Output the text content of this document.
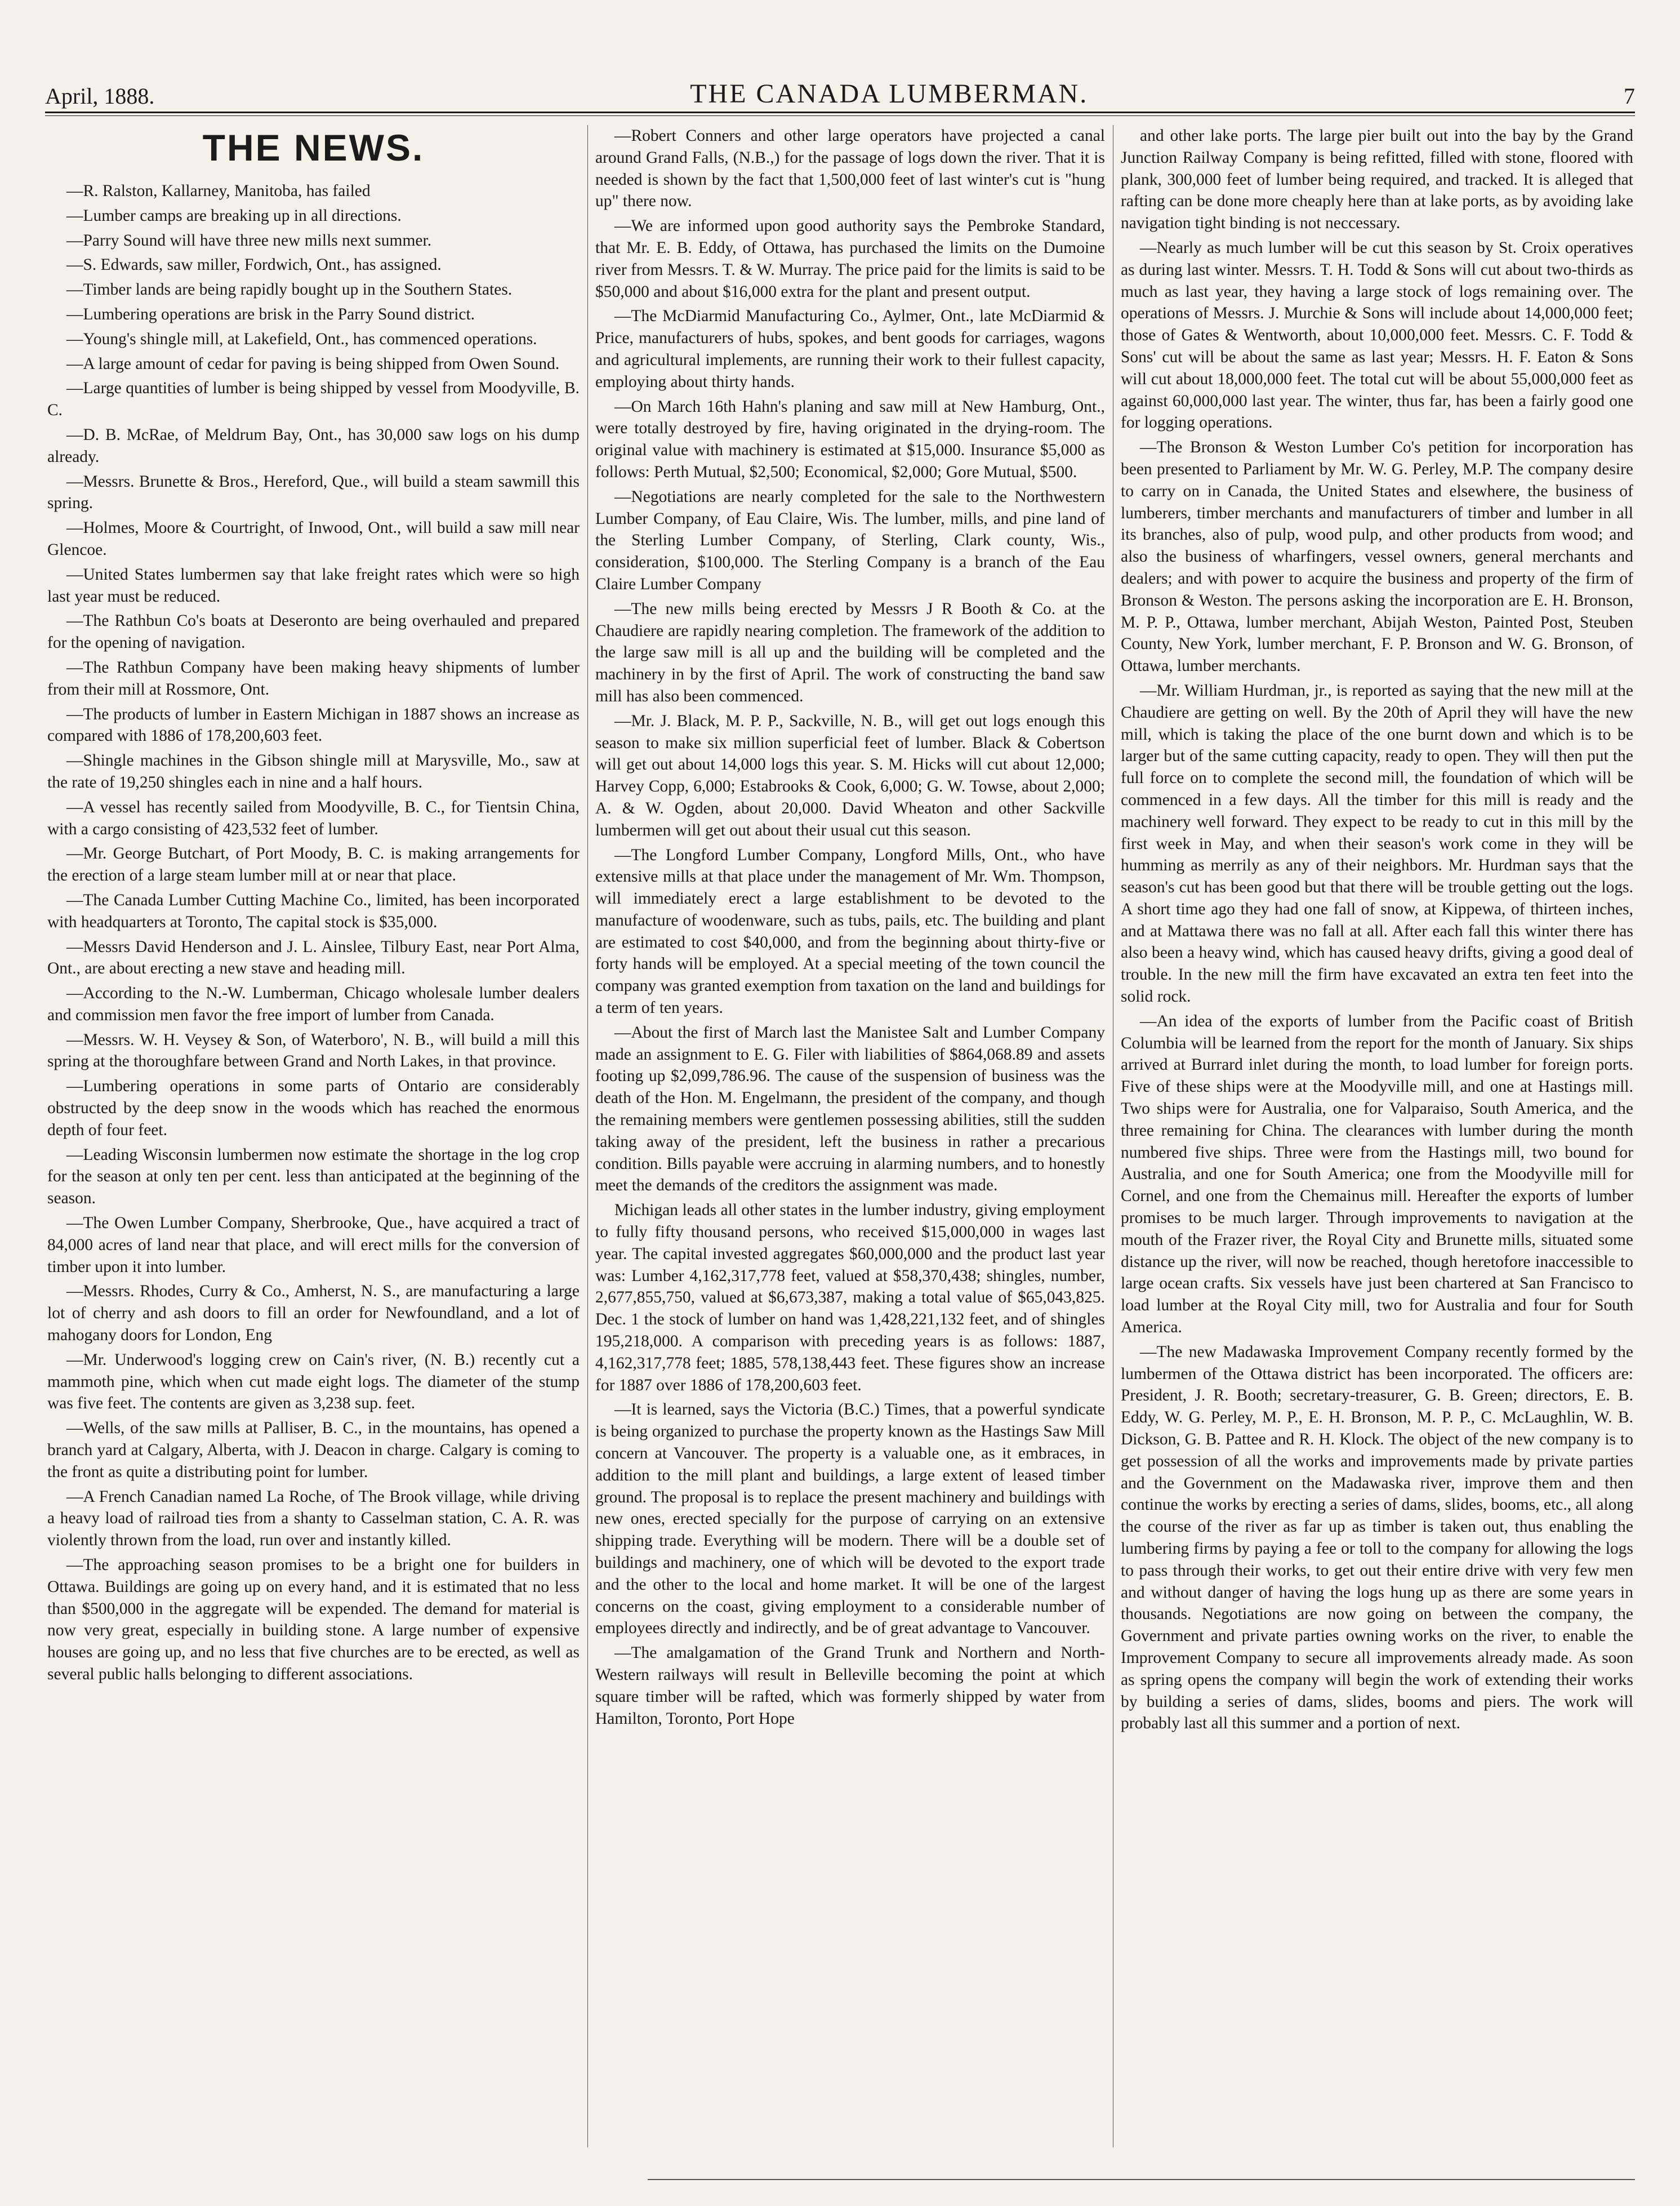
April, 1888.	THE CANADA LUMBERMAN.	7
THE NEWS.

—R. Ralston, Kallarney, Manitoba, has failed

—Lumber camps are breaking up in all directions.

—Parry Sound will have three new mills next summer.

—S. Edwards, saw miller, Fordwich, Ont., has assigned.

—Timber lands are being rapidly bought up in the Southern States.

—Lumbering operations are brisk in the Parry Sound district.

—Young's shingle mill, at Lakefield, Ont., has commenced operations.

—A large amount of cedar for paving is being shipped from Owen Sound.

—Large quantities of lumber is being shipped by vessel from Moodyville, B. C.

—D. B. McRae, of Meldrum Bay, Ont., has 30,000 saw logs on his dump already.

—Messrs. Brunette & Bros., Hereford, Que., will build a steam sawmill this spring.

—Holmes, Moore & Courtright, of Inwood, Ont., will build a saw mill near Glencoe.

—United States lumbermen say that lake freight rates which were so high last year must be reduced.

—The Rathbun Co's boats at Deseronto are being overhauled and prepared for the opening of navigation.

—The Rathbun Company have been making heavy shipments of lumber from their mill at Rossmore, Ont.

—The products of lumber in Eastern Michigan in 1887 shows an increase as compared with 1886 of 178,200,603 feet.

—Shingle machines in the Gibson shingle mill at Marysville, Mo., saw at the rate of 19,250 shingles each in nine and a half hours.

—A vessel has recently sailed from Moodyville, B. C., for Tientsin China, with a cargo consisting of 423,532 feet of lumber.

—Mr. George Butchart, of Port Moody, B. C. is making arrangements for the erection of a large steam lumber mill at or near that place.

—The Canada Lumber Cutting Machine Co., limited, has been incorporated with headquarters at Toronto, The capital stock is $35,000.

—Messrs David Henderson and J. L. Ainslee, Tilbury East, near Port Alma, Ont., are about erecting a new stave and heading mill.

—According to the N.-W. Lumberman, Chicago wholesale lumber dealers and commission men favor the free import of lumber from Canada.

—Messrs. W. H. Veysey & Son, of Waterboro', N. B., will build a mill this spring at the thoroughfare between Grand and North Lakes, in that province.

—Lumbering operations in some parts of Ontario are considerably obstructed by the deep snow in the woods which has reached the enormous depth of four feet.

—Leading Wisconsin lumbermen now estimate the shortage in the log crop for the season at only ten per cent. less than anticipated at the beginning of the season.

—The Owen Lumber Company, Sherbrooke, Que., have acquired a tract of 84,000 acres of land near that place, and will erect mills for the conversion of timber upon it into lumber.

—Messrs. Rhodes, Curry & Co., Amherst, N. S., are manufacturing a large lot of cherry and ash doors to fill an order for Newfoundland, and a lot of mahogany doors for London, Eng

—Mr. Underwood's logging crew on Cain's river, (N. B.) recently cut a mammoth pine, which when cut made eight logs. The diameter of the stump was five feet. The contents are given as 3,238 sup. feet.

—Wells, of the saw mills at Palliser, B. C., in the mountains, has opened a branch yard at Calgary, Alberta, with J. Deacon in charge. Calgary is coming to the front as quite a distributing point for lumber.

—A French Canadian named La Roche, of The Brook village, while driving a heavy load of railroad ties from a shanty to Casselman station, C. A. R. was violently thrown from the load, run over and instantly killed.

—The approaching season promises to be a bright one for builders in Ottawa. Buildings are going up on every hand, and it is estimated that no less than $500,000 in the aggregate will be expended. The demand for material is now very great, especially in building stone. A large number of expensive houses are going up, and no less that five churches are to be erected, as well as several public halls belonging to different associations.

—Robert Conners and other large operators have projected a canal around Grand Falls, (N.B.,) for the passage of logs down the river. That it is needed is shown by the fact that 1,500,000 feet of last winter's cut is "hung up" there now.

—We are informed upon good authority says the Pembroke Standard, that Mr. E. B. Eddy, of Ottawa, has purchased the limits on the Dumoine river from Messrs. T. & W. Murray. The price paid for the limits is said to be $50,000 and about $16,000 extra for the plant and present output.

—The McDiarmid Manufacturing Co., Aylmer, Ont., late McDiarmid & Price, manufacturers of hubs, spokes, and bent goods for carriages, wagons and agricultural implements, are running their work to their fullest capacity, employing about thirty hands.

—On March 16th Hahn's planing and saw mill at New Hamburg, Ont., were totally destroyed by fire, having originated in the drying-room. The original value with machinery is estimated at $15,000. Insurance $5,000 as follows: Perth Mutual, $2,500; Economical, $2,000; Gore Mutual, $500.

—Negotiations are nearly completed for the sale to the Northwestern Lumber Company, of Eau Claire, Wis. The lumber, mills, and pine land of the Sterling Lumber Company, of Sterling, Clark county, Wis., consideration, $100,000. The Sterling Company is a branch of the Eau Claire Lumber Company

—The new mills being erected by Messrs J R Booth & Co. at the Chaudiere are rapidly nearing completion. The framework of the addition to the large saw mill is all up and the building will be completed and the machinery in by the first of April. The work of constructing the band saw mill has also been commenced.

—Mr. J. Black, M. P. P., Sackville, N. B., will get out logs enough this season to make six million superficial feet of lumber. Black & Cobertson will get out about 14,000 logs this year. S. M. Hicks will cut about 12,000; Harvey Copp, 6,000; Estabrooks & Cook, 6,000; G. W. Towse, about 2,000; A. & W. Ogden, about 20,000. David Wheaton and other Sackville lumbermen will get out about their usual cut this season.

—The Longford Lumber Company, Longford Mills, Ont., who have extensive mills at that place under the management of Mr. Wm. Thompson, will immediately erect a large establishment to be devoted to the manufacture of woodenware, such as tubs, pails, etc. The building and plant are estimated to cost $40,000, and from the beginning about thirty-five or forty hands will be employed. At a special meeting of the town council the company was granted exemption from taxation on the land and buildings for a term of ten years.

—About the first of March last the Manistee Salt and Lumber Company made an assignment to E. G. Filer with liabilities of $864,068.89 and assets footing up $2,099,786.96. The cause of the suspension of business was the death of the Hon. M. Engelmann, the president of the company, and though the remaining members were gentlemen possessing abilities, still the sudden taking away of the president, left the business in rather a precarious condition. Bills payable were accruing in alarming numbers, and to honestly meet the demands of the creditors the assignment was made.

Michigan leads all other states in the lumber industry, giving employment to fully fifty thousand persons, who received $15,000,000 in wages last year. The capital invested aggregates $60,000,000 and the product last year was: Lumber 4,162,317,778 feet, valued at $58,370,438; shingles, number, 2,677,855,750, valued at $6,673,387, making a total value of $65,043,825. Dec. 1 the stock of lumber on hand was 1,428,221,132 feet, and of shingles 195,218,000. A comparison with preceding years is as follows: 1887, 4,162,317,778 feet; 1885, 578,138,443 feet. These figures show an increase for 1887 over 1886 of 178,200,603 feet.

—It is learned, says the Victoria (B.C.) Times, that a powerful syndicate is being organized to purchase the property known as the Hastings Saw Mill concern at Vancouver. The property is a valuable one, as it embraces, in addition to the mill plant and buildings, a large extent of leased timber ground. The proposal is to replace the present machinery and buildings with new ones, erected specially for the purpose of carrying on an extensive shipping trade. Everything will be modern. There will be a double set of buildings and machinery, one of which will be devoted to the export trade and the other to the local and home market. It will be one of the largest concerns on the coast, giving employment to a considerable number of employees directly and indirectly, and be of great advantage to Vancouver.

—The amalgamation of the Grand Trunk and Northern and North-Western railways will result in Belleville becoming the point at which square timber will be rafted, which was formerly shipped by water from Hamilton, Toronto, Port Hope

and other lake ports. The large pier built out into the bay by the Grand Junction Railway Company is being refitted, filled with stone, floored with plank, 300,000 feet of lumber being required, and tracked. It is alleged that rafting can be done more cheaply here than at lake ports, as by avoiding lake navigation tight binding is not neccessary.

—Nearly as much lumber will be cut this season by St. Croix operatives as during last winter. Messrs. T. H. Todd & Sons will cut about two-thirds as much as last year, they having a large stock of logs remaining over. The operations of Messrs. J. Murchie & Sons will include about 14,000,000 feet; those of Gates & Wentworth, about 10,000,000 feet. Messrs. C. F. Todd & Sons' cut will be about the same as last year; Messrs. H. F. Eaton & Sons will cut about 18,000,000 feet. The total cut will be about 55,000,000 feet as against 60,000,000 last year. The winter, thus far, has been a fairly good one for logging operations.

—The Bronson & Weston Lumber Co's petition for incorporation has been presented to Parliament by Mr. W. G. Perley, M.P. The company desire to carry on in Canada, the United States and elsewhere, the business of lumberers, timber merchants and manufacturers of timber and lumber in all its branches, also of pulp, wood pulp, and other products from wood; and also the business of wharfingers, vessel owners, general merchants and dealers; and with power to acquire the business and property of the firm of Bronson & Weston. The persons asking the incorporation are E. H. Bronson, M. P. P., Ottawa, lumber merchant, Abijah Weston, Painted Post, Steuben County, New York, lumber merchant, F. P. Bronson and W. G. Bronson, of Ottawa, lumber merchants.

—Mr. William Hurdman, jr., is reported as saying that the new mill at the Chaudiere are getting on well. By the 20th of April they will have the new mill, which is taking the place of the one burnt down and which is to be larger but of the same cutting capacity, ready to open. They will then put the full force on to complete the second mill, the foundation of which will be commenced in a few days. All the timber for this mill is ready and the machinery well forward. They expect to be ready to cut in this mill by the first week in May, and when their season's work come in they will be humming as merrily as any of their neighbors. Mr. Hurdman says that the season's cut has been good but that there will be trouble getting out the logs. A short time ago they had one fall of snow, at Kippewa, of thirteen inches, and at Mattawa there was no fall at all. After each fall this winter there has also been a heavy wind, which has caused heavy drifts, giving a good deal of trouble. In the new mill the firm have excavated an extra ten feet into the solid rock.

—An idea of the exports of lumber from the Pacific coast of British Columbia will be learned from the report for the month of January. Six ships arrived at Burrard inlet during the month, to load lumber for foreign ports. Five of these ships were at the Moodyville mill, and one at Hastings mill. Two ships were for Australia, one for Valparaiso, South America, and the three remaining for China. The clearances with lumber during the month numbered five ships. Three were from the Hastings mill, two bound for Australia, and one for South America; one from the Moodyville mill for Cornel, and one from the Chemainus mill. Hereafter the exports of lumber promises to be much larger. Through improvements to navigation at the mouth of the Frazer river, the Royal City and Brunette mills, situated some distance up the river, will now be reached, though heretofore inaccessible to large ocean crafts. Six vessels have just been chartered at San Francisco to load lumber at the Royal City mill, two for Australia and four for South America.

—The new Madawaska Improvement Company recently formed by the lumbermen of the Ottawa district has been incorporated. The officers are: President, J. R. Booth; secretary-treasurer, G. B. Green; directors, E. B. Eddy, W. G. Perley, M. P., E. H. Bronson, M. P. P., C. McLaughlin, W. B. Dickson, G. B. Pattee and R. H. Klock. The object of the new company is to get possession of all the works and improvements made by private parties and the Government on the Madawaska river, improve them and then continue the works by erecting a series of dams, slides, booms, etc., all along the course of the river as far up as timber is taken out, thus enabling the lumbering firms by paying a fee or toll to the company for allowing the logs to pass through their works, to get out their entire drive with very few men and without danger of having the logs hung up as there are some years in thousands. Negotiations are now going on between the company, the Government and private parties owning works on the river, to enable the Improvement Company to secure all improvements already made. As soon as spring opens the company will begin the work of extending their works by building a series of dams, slides, booms and piers. The work will probably last all this summer and a portion of next.
